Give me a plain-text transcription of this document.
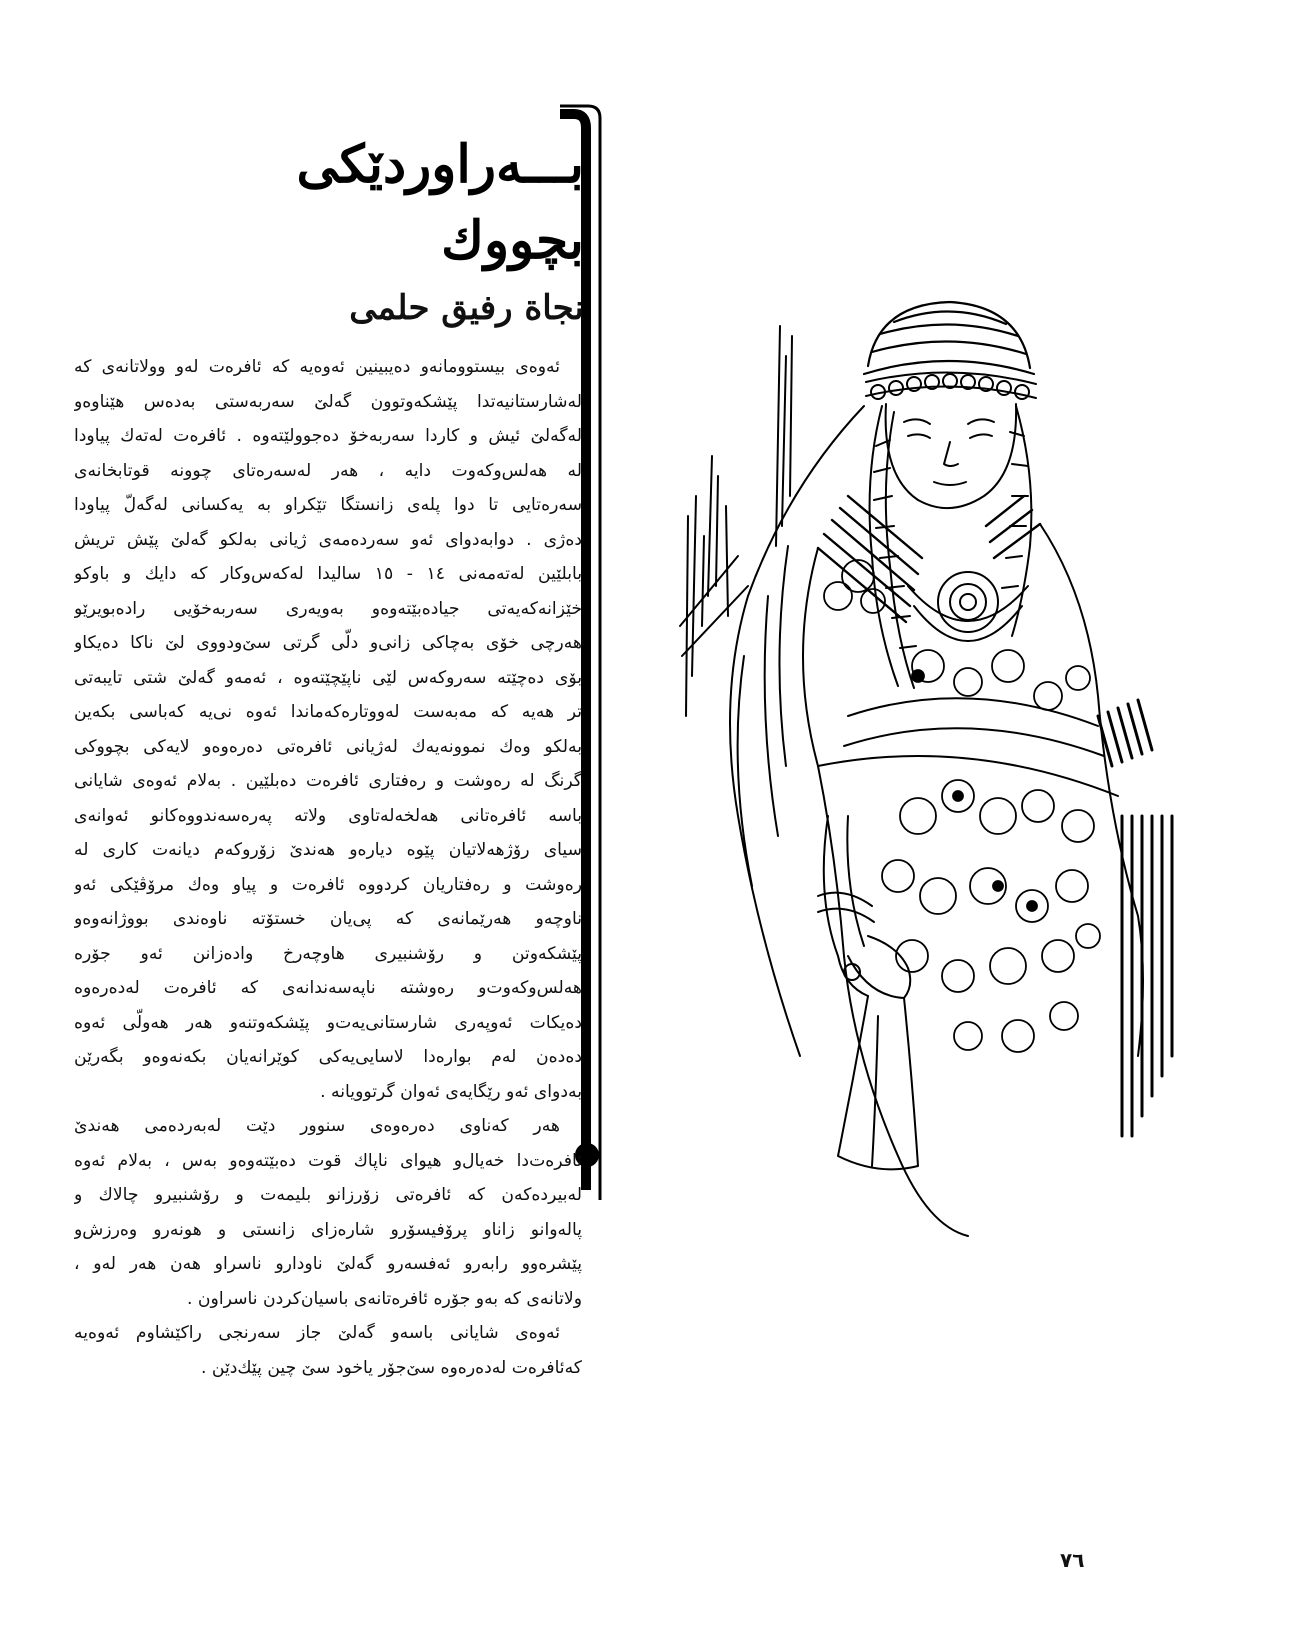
بـــەراوردێکی
بچووك
نجاة رفیق حلمی

ئەوەی بیستوومانەو دەیبینین ئەوەیە کە ئافرەت لەو وولاتانەی کە
لەشارستانیەتدا پێشکەوتوون گەلێ سەربەستی بەدەس هێناوەو
لەگەلێ ئیش و کاردا سەربەخۆ دەجوولێتەوە . ئافرەت لەتەك پیاودا
لە هەلس‌وکەوت دایە ، هەر لەسەرەتای چوونە قوتابخانەی
سەرەتایی تا دوا پلەی زانستگا تێکراو بە یەکسانی لەگەلّ پیاودا
دەژی . دوابەدوای ئەو سەردەمەی ژیانی بەلکو گەلێ پێش تریش
بابلێین لەتەمەنی ١٤ - ١٥ سالیدا لەکەس‌وکار کە دایك و باوكو
خێزانەکەیەتی جیادەبێتەوەو بەویەری سەربەخۆیی رادەبویرێو
هەرچی خۆی بەچاکی زانی‌و دلّی گرتی سێ‌ودووی لێ ناکا دەیکاو
بۆی دەچێتە سەروکەس لێی ناپێچێتەوە ، ئەمەو گەلێ شتی تایبەتی
تر هەیە کە مەبەست لەووتارەکەماندا ئەوە نی‌یە کەباسی بکەین
بەلکو وەك نموونەیەك لەژیانی ئافرەتی دەرەوەو لایەکی بچووکی
گرنگ لە رەوشت و رەفتاری ئافرەت دەبلێین . بەلام ئەوەی شایانی
باسە ئافرەتانی هەلخەلەتاوی ولاتە پەرەسەندووەکانو ئەوانەی
سیای رۆژهەلاتیان پێوە دیارەو هەندێ زۆروکەم دیانەت کاری لە
رەوشت و رەفتاریان کردووە ئافرەت و پیاو وەك مرۆڤێکی ئەو
ناوچەو هەرێمانەی کە پی‌یان خستۆتە ناوەندی بووژانەوەو
پێشکەوتن و رۆشنبیری هاوچەرخ وادەزانن ئەو جۆرە
هەلس‌وکەوت‌و رەوشتە ناپەسەندانەی کە ئافرەت لەدەرەوە
دەیکات ئەوپەری شارستانی‌یەت‌و پێشکەوتنەو هەر هەولّی ئەوە
دەدەن لەم بوارەدا لاسایی‌یەکی کوێرانەیان بکەنەوەو بگەرێن
بەدوای ئەو رێگایەی ئەوان گرتوویانە .

هەر کەناوی دەرەوەی سنوور دێت لەبەردەمی هەندێ
ئافرەت‌دا خەیال‌و هیوای ناپاك قوت دەبێتەوەو بەس ، بەلام ئەوە
لەبیردەکەن کە ئافرەتی زۆرزانو بلیمەت و رۆشنبیرو چالاك و
پالەوانو زاناو پرۆفیسۆرو شارەزای زانستی و هونەرو وەرزش‌و
پێشرەوو رابەرو ئەفسەرو گەلێ ناودارو ناسراو هەن هەر لەو ،
ولاتانەی کە بەو جۆرە ئافرەتانەی باسیان‌کردن ناسراون .

ئەوەی شایانی باسەو گەلێ جاز سەرنجی راکێشاوم ئەوەیە
کەئافرەت لەدەرەوە سێ‌جۆر یاخود سێ چین پێك‌دێن .

٧٦
